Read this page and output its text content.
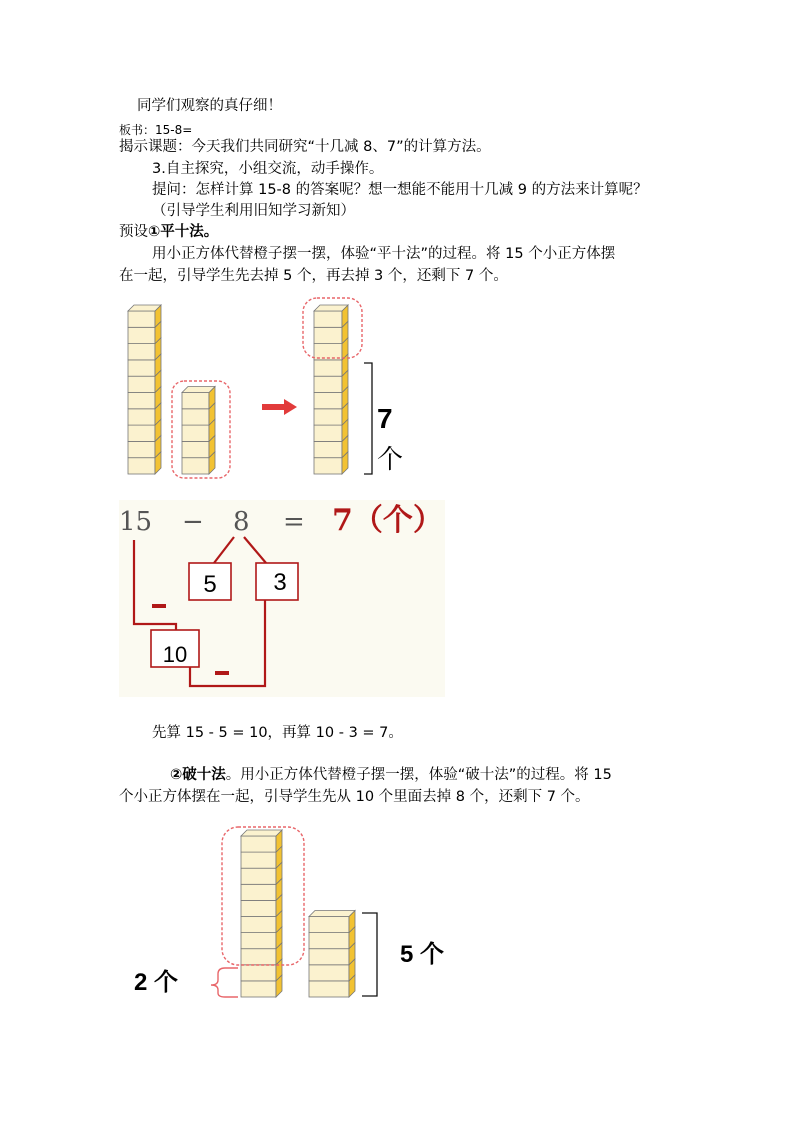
同学们观察的真仔细！
板书：15-8=
揭示课题：今天我们共同研究“十几减 8、7”的计算方法。
3.自主探究，小组交流，动手操作。
提问：怎样计算 15-8 的答案呢？想一想能不能用十几减 9 的方法来计算呢？
（引导学生利用旧知学习新知）
预设①平十法。
用小正方体代替橙子摆一摆，体验“平十法”的过程。将 15 个小正方体摆
在一起，引导学生先去掉 5 个，再去掉 3 个，还剩下 7 个。
7
个
15 − 8 = 7（个）
5 3
10
先算 15 - 5 = 10，再算 10 - 3 = 7。
②破十法。用小正方体代替橙子摆一摆，体验“破十法”的过程。将 15
个小正方体摆在一起，引导学生先从 10 个里面去掉 8 个，还剩下 7 个。
5 个
2 个
